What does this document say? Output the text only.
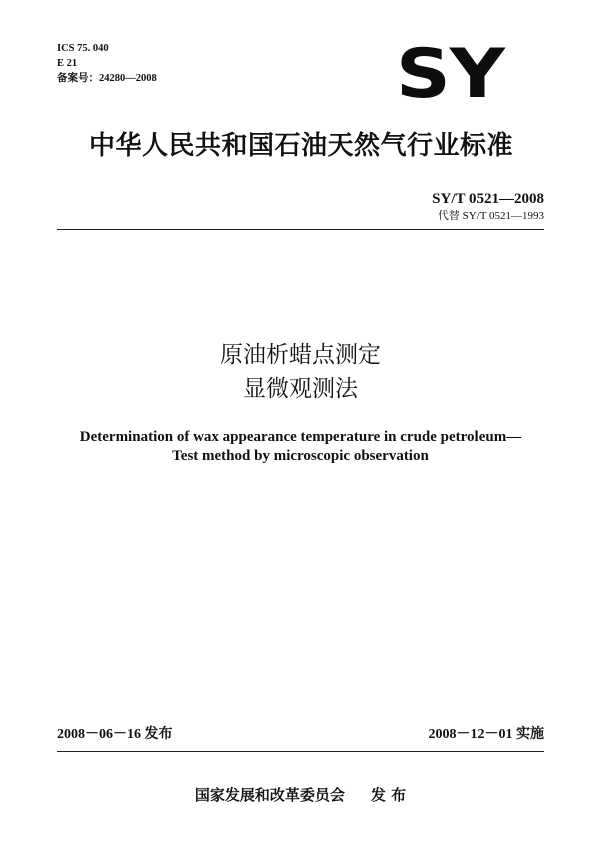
ICS 75. 040
E 21
备案号：24280—2008	SY
中华人民共和国石油天然气行业标准
SY/T 0521—2008
代替 SY/T 0521—1993
原油析蜡点测定
显微观测法
Determination of wax appearance temperature in crude petroleum—
Test method by microscopic observation
2008－06－16 发布	2008－12－01 实施
国家发展和改革委员会 发 布
